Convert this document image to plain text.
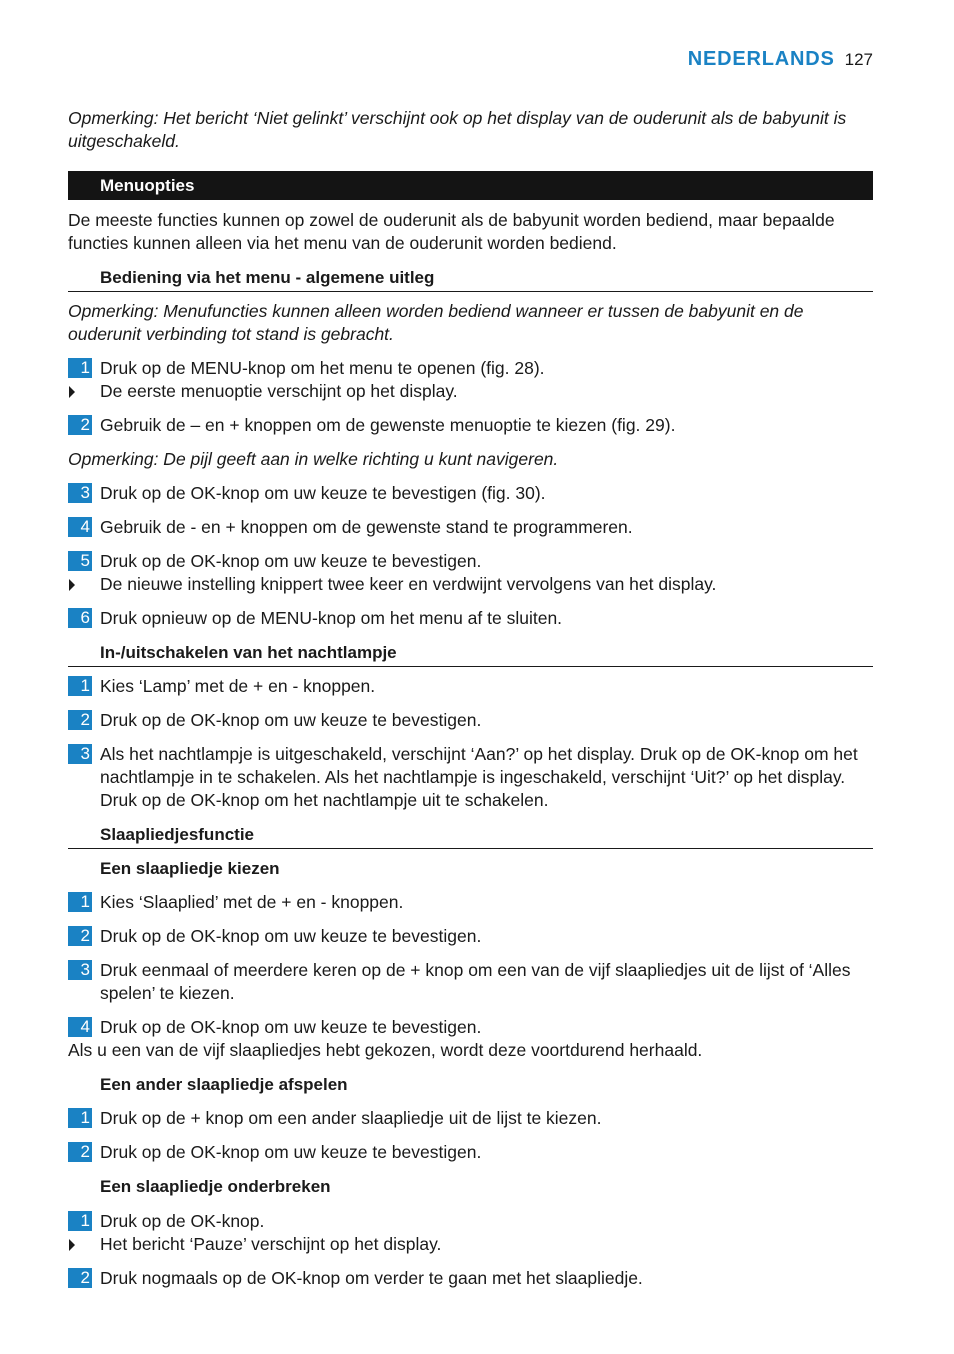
NEDERLANDS 127

Opmerking: Het bericht ‘Niet gelinkt’ verschijnt ook op het display van de ouderunit als de babyunit is uitgeschakeld.

Menuopties

De meeste functies kunnen op zowel de ouderunit als de babyunit worden bediend, maar bepaalde functies kunnen alleen via het menu van de ouderunit worden bediend.

Bediening via het menu - algemene uitleg

Opmerking: Menufuncties kunnen alleen worden bediend wanneer er tussen de babyunit en de ouderunit verbinding tot stand is gebracht.

1 Druk op de MENU-knop om het menu te openen (fig. 28).
De eerste menuoptie verschijnt op het display.
2 Gebruik de – en + knoppen om de gewenste menuoptie te kiezen (fig. 29).

Opmerking: De pijl geeft aan in welke richting u kunt navigeren.

3 Druk op de OK-knop om uw keuze te bevestigen (fig. 30).
4 Gebruik de - en + knoppen om de gewenste stand te programmeren.
5 Druk op de OK-knop om uw keuze te bevestigen.
De nieuwe instelling knippert twee keer en verdwijnt vervolgens van het display.
6 Druk opnieuw op de MENU-knop om het menu af te sluiten.
In-/uitschakelen van het nachtlampje
1 Kies ‘Lamp’ met de + en - knoppen.
2 Druk op de OK-knop om uw keuze te bevestigen.
3 Als het nachtlampje is uitgeschakeld, verschijnt ‘Aan?’ op het display. Druk op de OK-knop om het nachtlampje in te schakelen. Als het nachtlampje is ingeschakeld, verschijnt ‘Uit?’ op het display. Druk op de OK-knop om het nachtlampje uit te schakelen.
Slaapliedjesfunctie
Een slaapliedje kiezen
1 Kies ‘Slaaplied’ met de + en - knoppen.
2 Druk op de OK-knop om uw keuze te bevestigen.
3 Druk eenmaal of meerdere keren op de + knop om een van de vijf slaapliedjes uit de lijst of ‘Alles spelen’ te kiezen.
4 Druk op de OK-knop om uw keuze te bevestigen.

Als u een van de vijf slaapliedjes hebt gekozen, wordt deze voortdurend herhaald.

Een ander slaapliedje afspelen
1 Druk op de + knop om een ander slaapliedje uit de lijst te kiezen.
2 Druk op de OK-knop om uw keuze te bevestigen.
Een slaapliedje onderbreken
1 Druk op de OK-knop.
Het bericht ‘Pauze’ verschijnt op het display.
2 Druk nogmaals op de OK-knop om verder te gaan met het slaapliedje.
